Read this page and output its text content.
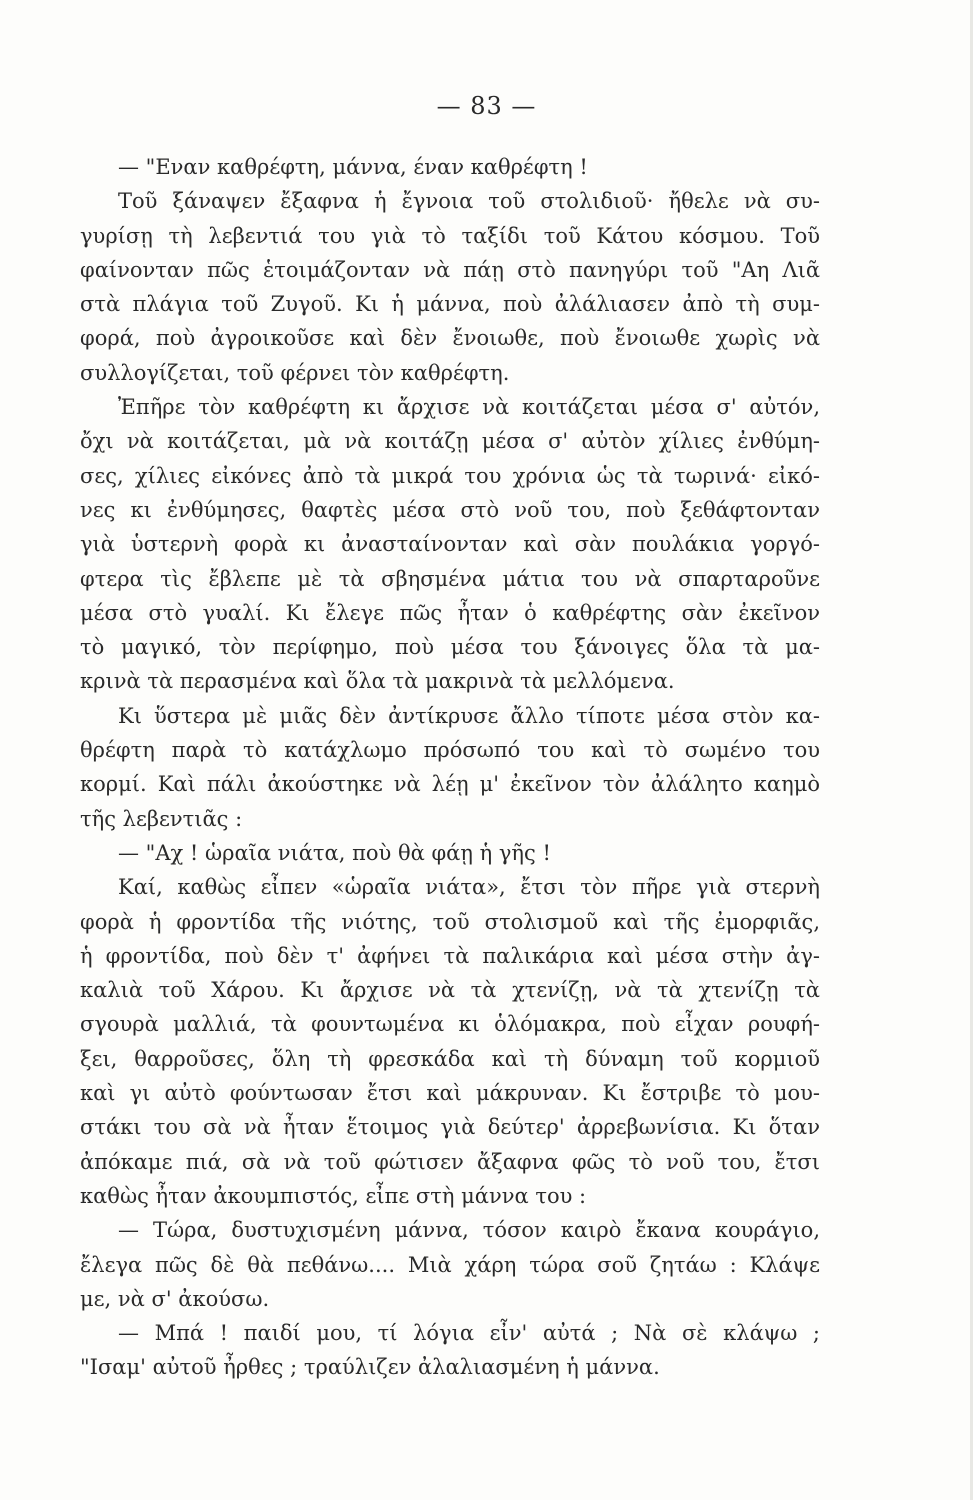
— 83 —
— "Εναν καθρέφτη, μάννα, έναν καθρέφτη !
Τοῦ ξάναψεν ἔξαφνα ἡ ἔγνοια τοῦ στολιδιοῦ· ἤθελε νὰ συ-
γυρίσῃ τὴ λεβεντιά του γιὰ τὸ ταξίδι τοῦ Κάτου κόσμου. Τοῦ
φαίνονταν πῶς ἑτοιμάζονταν νὰ πάῃ στὸ πανηγύρι τοῦ "Αη Λιᾶ
στὰ πλάγια τοῦ Ζυγοῦ. Κι ἡ μάννα, ποὺ ἀλάλιασεν ἀπὸ τὴ συμ-
φορά, ποὺ ἀγροικοῦσε καὶ δὲν ἔνοιωθε, ποὺ ἔνοιωθε χωρὶς νὰ
συλλογίζεται, τοῦ φέρνει τὸν καθρέφτη.
Ἐπῆρε τὸν καθρέφτη κι ἄρχισε νὰ κοιτάζεται μέσα σ' αὐτόν,
ὄχι νὰ κοιτάζεται, μὰ νὰ κοιτάζῃ μέσα σ' αὐτὸν χίλιες ἐνθύμη-
σες, χίλιες εἰκόνες ἀπὸ τὰ μικρά του χρόνια ὡς τὰ τωρινά· εἰκό-
νες κι ἐνθύμησες, θαφτὲς μέσα στὸ νοῦ του, ποὺ ξεθάφτονταν
γιὰ ὑστερνὴ φορὰ κι ἀνασταίνονταν καὶ σὰν πουλάκια γοργό-
φτερα τὶς ἔβλεπε μὲ τὰ σβησμένα μάτια του νὰ σπαρταροῦνε
μέσα στὸ γυαλί. Κι ἔλεγε πῶς ἦταν ὁ καθρέφτης σὰν ἐκεῖνον
τὸ μαγικό, τὸν περίφημο, ποὺ μέσα του ξάνοιγες ὅλα τὰ μα-
κρινὰ τὰ περασμένα καὶ ὅλα τὰ μακρινὰ τὰ μελλόμενα.
Κι ὕστερα μὲ μιᾶς δὲν ἀντίκρυσε ἄλλο τίποτε μέσα στὸν κα-
θρέφτη παρὰ τὸ κατάχλωμο πρόσωπό του καὶ τὸ σωμένο του
κορμί. Καὶ πάλι ἀκούστηκε νὰ λέῃ μ' ἐκεῖνον τὸν ἀλάλητο καημὸ
τῆς λεβεντιᾶς :
— "Αχ ! ὡραῖα νιάτα, ποὺ θὰ φάῃ ἡ γῆς !
Καί, καθὼς εἶπεν «ὡραῖα νιάτα», ἔτσι τὸν πῆρε γιὰ στερνὴ
φορὰ ἡ φροντίδα τῆς νιότης, τοῦ στολισμοῦ καὶ τῆς ἐμορφιᾶς,
ἡ φροντίδα, ποὺ δὲν τ' ἀφήνει τὰ παλικάρια καὶ μέσα στὴν ἀγ-
καλιὰ τοῦ Χάρου. Κι ἄρχισε νὰ τὰ χτενίζῃ, νὰ τὰ χτενίζῃ τὰ
σγουρὰ μαλλιά, τὰ φουντωμένα κι ὁλόμακρα, ποὺ εἶχαν ρουφή-
ξει, θαρροῦσες, ὅλη τὴ φρεσκάδα καὶ τὴ δύναμη τοῦ κορμιοῦ
καὶ γι αὐτὸ φούντωσαν ἔτσι καὶ μάκρυναν. Κι ἔστριβε τὸ μου-
στάκι του σὰ νὰ ἦταν ἕτοιμος γιὰ δεύτερ' ἀρρεβωνίσια. Κι ὅταν
ἀπόκαμε πιά, σὰ νὰ τοῦ φώτισεν ἄξαφνα φῶς τὸ νοῦ του, ἔτσι
καθὼς ἦταν ἀκουμπιστός, εἶπε στὴ μάννα του :
— Τώρα, δυστυχισμένη μάννα, τόσον καιρὸ ἔκανα κουράγιο,
ἔλεγα πῶς δὲ θὰ πεθάνω.... Μιὰ χάρη τώρα σοῦ ζητάω : Κλάψε
με, νὰ σ' ἀκούσω.
— Μπά ! παιδί μου, τί λόγια εἶν' αὐτά ; Νὰ σὲ κλάψω ;
"Ισαμ' αὐτοῦ ἦρθες ; τραύλιζεν ἀλαλιασμένη ἡ μάννα.
